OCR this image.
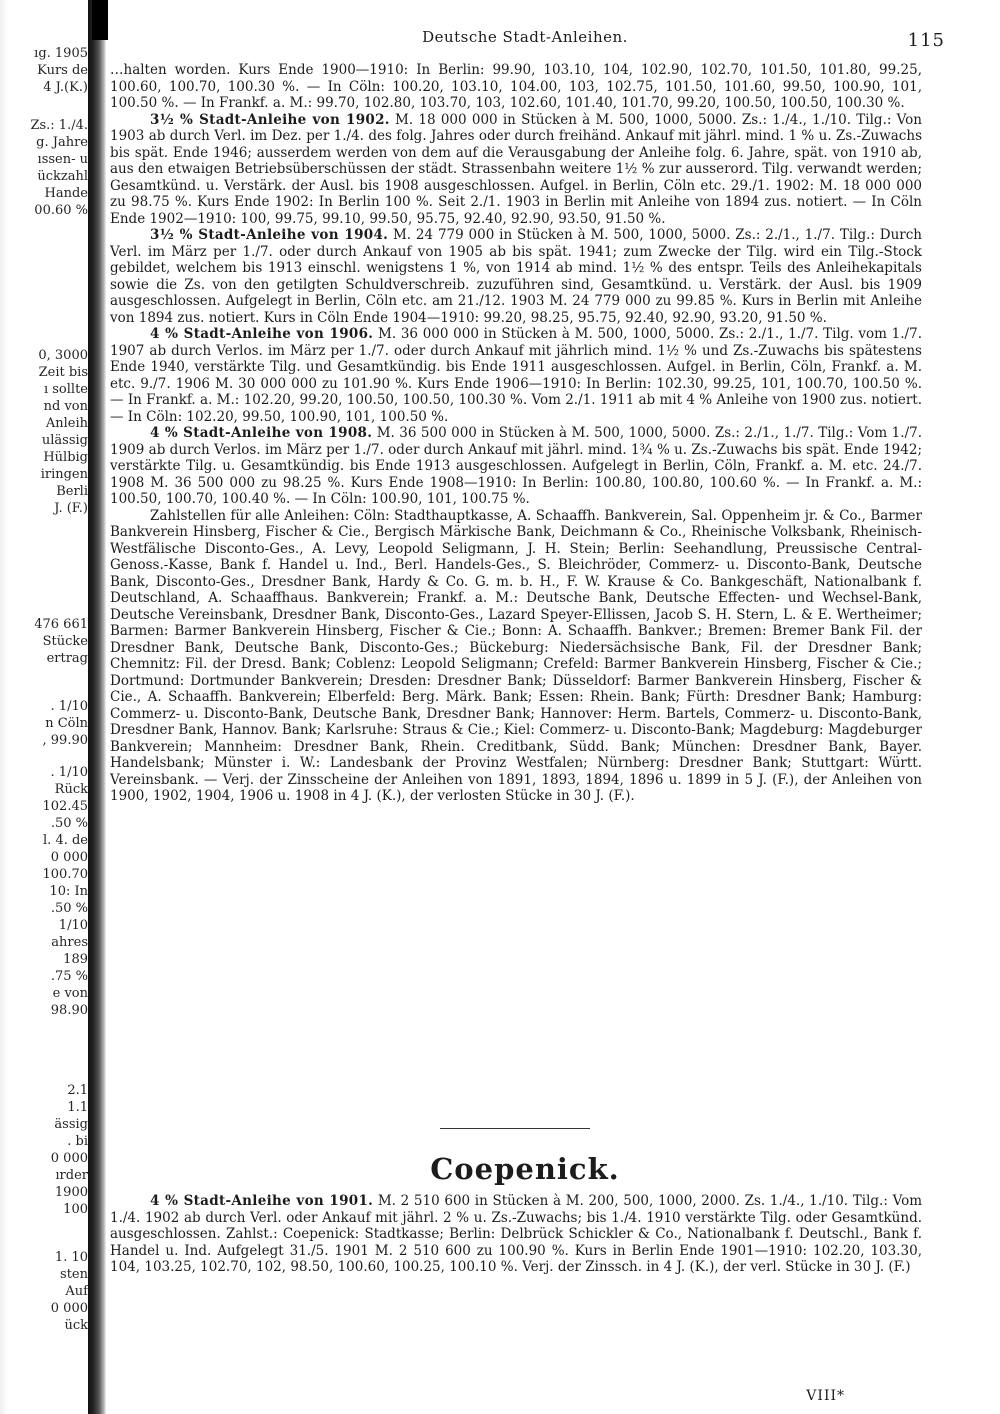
ıg. 1905
Kurs de
4 J.(K.)
Zs.: 1./4.
g. Jahre
ıssen- u
ückzahl
Hande
00.60 %
0, 3000
Zeit bis
ı sollte
nd von
Anleih
ulässig
Hülbig
iringen
Berli
J. (F.)
476 661
Stücke
ertrag
. 1/10
n Cöln
, 99.90
. 1/10
Rück
102.45
.50 %
l. 4. de
0 000
100.70
10: In
.50 %
1/10
ahres
189
.75 %
e von
98.90
2.1
1.1
ässig
. bi
0 000
ırder
1900
100
1. 10
sten
Auf
0 000
ück
Deutsche Stadt-Anleihen.	115

…halten worden. Kurs Ende 1900—1910: In Berlin: 99.90, 103.10, 104, 102.90, 102.70, 101.50, 101.80, 99.25, 100.60, 100.70, 100.30 %. — In Cöln: 100.20, 103.10, 104.00, 103, 102.75, 101.50, 101.60, 99.50, 100.90, 101, 100.50 %. — In Frankf. a. M.: 99.70, 102.80, 103.70, 103, 102.60, 101.40, 101.70, 99.20, 100.50, 100.50, 100.30 %.

3½ % Stadt-Anleihe von 1902. M. 18 000 000 in Stücken à M. 500, 1000, 5000. Zs.: 1./4., 1./10. Tilg.: Von 1903 ab durch Verl. im Dez. per 1./4. des folg. Jahres oder durch freihänd. Ankauf mit jährl. mind. 1 % u. Zs.-Zuwachs bis spät. Ende 1946; ausserdem werden von dem auf die Verausgabung der Anleihe folg. 6. Jahre, spät. von 1910 ab, aus den etwaigen Betriebsüberschüssen der städt. Strassenbahn weitere 1½ % zur ausserord. Tilg. verwandt werden; Gesamtkünd. u. Verstärk. der Ausl. bis 1908 ausgeschlossen. Aufgel. in Berlin, Cöln etc. 29./1. 1902: M. 18 000 000 zu 98.75 %. Kurs Ende 1902: In Berlin 100 %. Seit 2./1. 1903 in Berlin mit Anleihe von 1894 zus. notiert. — In Cöln Ende 1902—1910: 100, 99.75, 99.10, 99.50, 95.75, 92.40, 92.90, 93.50, 91.50 %.

3½ % Stadt-Anleihe von 1904. M. 24 779 000 in Stücken à M. 500, 1000, 5000. Zs.: 2./1., 1./7. Tilg.: Durch Verl. im März per 1./7. oder durch Ankauf von 1905 ab bis spät. 1941; zum Zwecke der Tilg. wird ein Tilg.-Stock gebildet, welchem bis 1913 einschl. wenigstens 1 %, von 1914 ab mind. 1½ % des entspr. Teils des Anleihekapitals sowie die Zs. von den getilgten Schuldverschreib. zuzuführen sind, Gesamtkünd. u. Verstärk. der Ausl. bis 1909 ausgeschlossen. Aufgelegt in Berlin, Cöln etc. am 21./12. 1903 M. 24 779 000 zu 99.85 %. Kurs in Berlin mit Anleihe von 1894 zus. notiert. Kurs in Cöln Ende 1904—1910: 99.20, 98.25, 95.75, 92.40, 92.90, 93.20, 91.50 %.

4 % Stadt-Anleihe von 1906. M. 36 000 000 in Stücken à M. 500, 1000, 5000. Zs.: 2./1., 1./7. Tilg. vom 1./7. 1907 ab durch Verlos. im März per 1./7. oder durch Ankauf mit jährlich mind. 1½ % und Zs.-Zuwachs bis spätestens Ende 1940, verstärkte Tilg. und Gesamtkündig. bis Ende 1911 ausgeschlossen. Aufgel. in Berlin, Cöln, Frankf. a. M. etc. 9./7. 1906 M. 30 000 000 zu 101.90 %. Kurs Ende 1906—1910: In Berlin: 102.30, 99.25, 101, 100.70, 100.50 %. — In Frankf. a. M.: 102.20, 99.20, 100.50, 100.50, 100.30 %. Vom 2./1. 1911 ab mit 4 % Anleihe von 1900 zus. notiert. — In Cöln: 102.20, 99.50, 100.90, 101, 100.50 %.

4 % Stadt-Anleihe von 1908. M. 36 500 000 in Stücken à M. 500, 1000, 5000. Zs.: 2./1., 1./7. Tilg.: Vom 1./7. 1909 ab durch Verlos. im März per 1./7. oder durch Ankauf mit jährl. mind. 1¾ % u. Zs.-Zuwachs bis spät. Ende 1942; verstärkte Tilg. u. Gesamtkündig. bis Ende 1913 ausgeschlossen. Aufgelegt in Berlin, Cöln, Frankf. a. M. etc. 24./7. 1908 M. 36 500 000 zu 98.25 %. Kurs Ende 1908—1910: In Berlin: 100.80, 100.80, 100.60 %. — In Frankf. a. M.: 100.50, 100.70, 100.40 %. — In Cöln: 100.90, 101, 100.75 %.

Zahlstellen für alle Anleihen: Cöln: Stadthauptkasse, A. Schaaffh. Bankverein, Sal. Oppenheim jr. & Co., Barmer Bankverein Hinsberg, Fischer & Cie., Bergisch Märkische Bank, Deichmann & Co., Rheinische Volksbank, Rheinisch-Westfälische Disconto-Ges., A. Levy, Leopold Seligmann, J. H. Stein; Berlin: Seehandlung, Preussische Central-Genoss.-Kasse, Bank f. Handel u. Ind., Berl. Handels-Ges., S. Bleichröder, Commerz- u. Disconto-Bank, Deutsche Bank, Disconto-Ges., Dresdner Bank, Hardy & Co. G. m. b. H., F. W. Krause & Co. Bankgeschäft, Nationalbank f. Deutschland, A. Schaaffhaus. Bankverein; Frankf. a. M.: Deutsche Bank, Deutsche Effecten- und Wechsel-Bank, Deutsche Vereinsbank, Dresdner Bank, Disconto-Ges., Lazard Speyer-Ellissen, Jacob S. H. Stern, L. & E. Wertheimer; Barmen: Barmer Bankverein Hinsberg, Fischer & Cie.; Bonn: A. Schaaffh. Bankver.; Bremen: Bremer Bank Fil. der Dresdner Bank, Deutsche Bank, Disconto-Ges.; Bückeburg: Niedersächsische Bank, Fil. der Dresdner Bank; Chemnitz: Fil. der Dresd. Bank; Coblenz: Leopold Seligmann; Crefeld: Barmer Bankverein Hinsberg, Fischer & Cie.; Dortmund: Dortmunder Bankverein; Dresden: Dresdner Bank; Düsseldorf: Barmer Bankverein Hinsberg, Fischer & Cie., A. Schaaffh. Bankverein; Elberfeld: Berg. Märk. Bank; Essen: Rhein. Bank; Fürth: Dresdner Bank; Hamburg: Commerz- u. Disconto-Bank, Deutsche Bank, Dresdner Bank; Hannover: Herm. Bartels, Commerz- u. Disconto-Bank, Dresdner Bank, Hannov. Bank; Karlsruhe: Straus & Cie.; Kiel: Commerz- u. Disconto-Bank; Magdeburg: Magdeburger Bankverein; Mannheim: Dresdner Bank, Rhein. Creditbank, Südd. Bank; München: Dresdner Bank, Bayer. Handelsbank; Münster i. W.: Landesbank der Provinz Westfalen; Nürnberg: Dresdner Bank; Stuttgart: Württ. Vereinsbank. — Verj. der Zinsscheine der Anleihen von 1891, 1893, 1894, 1896 u. 1899 in 5 J. (F.), der Anleihen von 1900, 1902, 1904, 1906 u. 1908 in 4 J. (K.), der verlosten Stücke in 30 J. (F.).

Coepenick.

4 % Stadt-Anleihe von 1901. M. 2 510 600 in Stücken à M. 200, 500, 1000, 2000. Zs. 1./4., 1./10. Tilg.: Vom 1./4. 1902 ab durch Verl. oder Ankauf mit jährl. 2 % u. Zs.-Zuwachs; bis 1./4. 1910 verstärkte Tilg. oder Gesamtkünd. ausgeschlossen. Zahlst.: Coepenick: Stadtkasse; Berlin: Delbrück Schickler & Co., Nationalbank f. Deutschl., Bank f. Handel u. Ind. Aufgelegt 31./5. 1901 M. 2 510 600 zu 100.90 %. Kurs in Berlin Ende 1901—1910: 102.20, 103.30, 104, 103.25, 102.70, 102, 98.50, 100.60, 100.25, 100.10 %. Verj. der Zinssch. in 4 J. (K.), der verl. Stücke in 30 J. (F.)

VIII*
